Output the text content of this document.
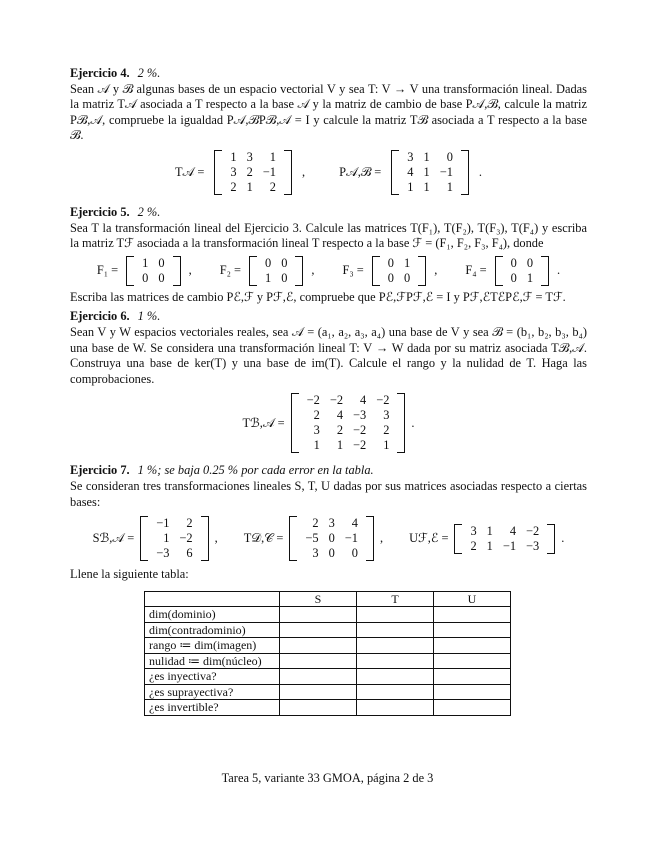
Ejercicio 4. 2 %.
Sean 𝒜 y ℬ algunas bases de un espacio vectorial V y sea T: V → V una transformación lineal. Dadas la matriz T𝒜 asociada a T respecto a la base 𝒜 y la matriz de cambio de base P𝒜,ℬ, calcule la matriz Pℬ,𝒜, compruebe la igualdad P𝒜,ℬPℬ,𝒜 = I y calcule la matriz Tℬ asociada a T respecto a la base ℬ.

T𝒜 =
1	3	1
3	2	−1
2	1	2
,	P𝒜,ℬ =
3	1	0
4	1	−1
1	1	1
.

Ejercicio 5. 2 %.
Sea T la transformación lineal del Ejercicio 3. Calcule las matrices T(F₁), T(F₂), T(F₃), T(F₄) y escriba la matriz Tℱ asociada a la transformación lineal T respecto a la base ℱ = (F₁, F₂, F₃, F₄), donde

F₁ =
1	0
0	0
, F₂ =
0	0
1	0
, F₃ =
0	1
0	0
, F₄ =
0	0
0	1
.

Escriba las matrices de cambio Pℰ,ℱ y Pℱ,ℰ, compruebe que Pℰ,ℱPℱ,ℰ = I y Pℱ,ℰTℰPℰ,ℱ = Tℱ.

Ejercicio 6. 1 %.
Sean V y W espacios vectoriales reales, sea 𝒜 = (a₁, a₂, a₃, a₄) una base de V y sea ℬ = (b₁, b₂, b₃, b₄) una base de W. Se considera una transformación lineal T: V → W dada por su matriz asociada Tℬ,𝒜. Construya una base de ker(T) y una base de im(T). Calcule el rango y la nulidad de T. Haga las comprobaciones.

Tℬ,𝒜 =
−2	−2	4	−2
2	4	−3	3
3	2	−2	2
1	1	−2	1
.

Ejercicio 7. 1 %; se baja 0.25 % por cada error en la tabla.
Se consideran tres transformaciones lineales S, T, U dadas por sus matrices asociadas respecto a ciertas bases:

Sℬ,𝒜 =
−1	2
1	−2
−3	6
, T𝒟,𝒞 =
2	3	4
−5	0	−1
3	0	0
, Uℱ,ℰ =
3	1	4	−2
2	1	−1	−3
.

Llene la siguiente tabla:

	S	T	U
dim(dominio)			
dim(contradominio)			
rango ≔ dim(imagen)			
nulidad ≔ dim(núcleo)			
¿es inyectiva?			
¿es suprayectiva?			
¿es invertible?			
Tarea 5, variante 33 GMOA, página 2 de 3
